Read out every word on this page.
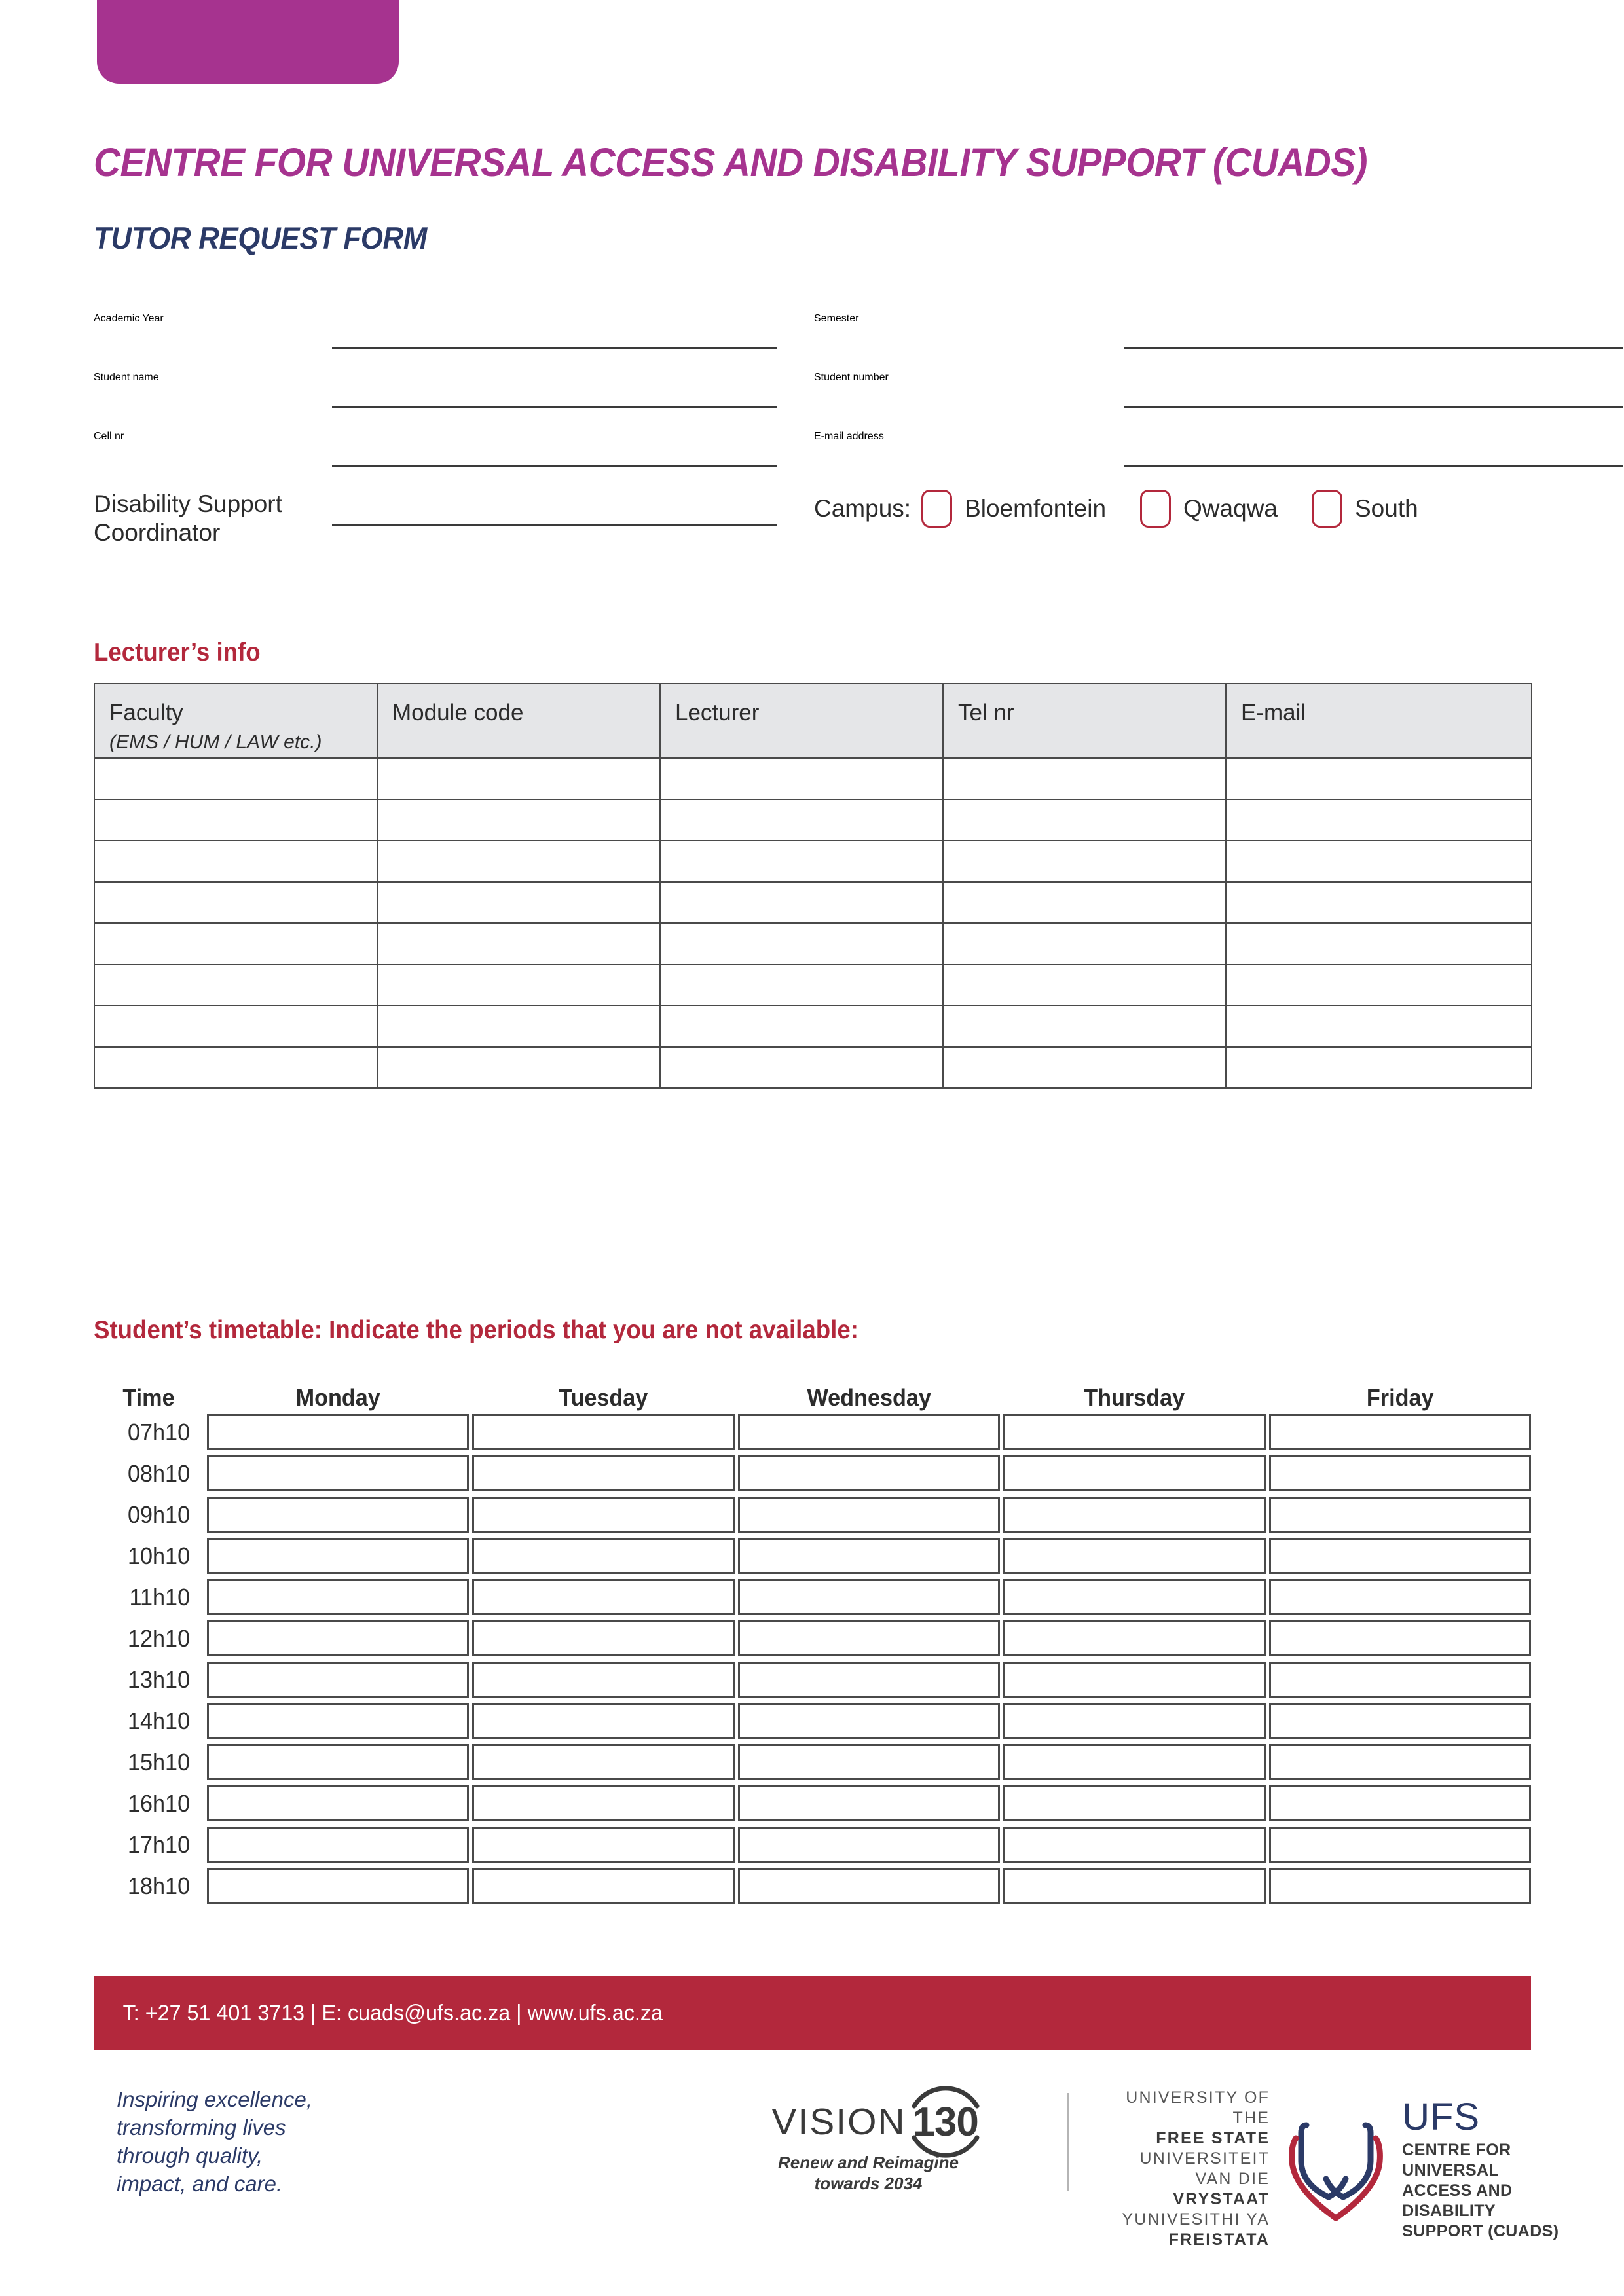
CENTRE FOR UNIVERSAL ACCESS AND DISABILITY SUPPORT (CUADS)
TUTOR REQUEST FORM
Academic Year	Semester
Student name	Student number
Cell nr	E-mail address
Disability Support
Coordinator
Campus: Bloemfontein	Qwaqwa	South
Lecturer’s info
Faculty
(EMS / HUM / LAW etc.)	Module code	Lecturer	Tel nr	E-mail

Student’s timetable: Indicate the periods that you are not available:
Time	Monday	Tuesday	Wednesday	Thursday	Friday
07h10
08h10
09h10
10h10
11h10
12h10
13h10
14h10
15h10
16h10
17h10
18h10
T: +27 51 401 3713 | E: cuads@ufs.ac.za | www.ufs.ac.za
Inspiring excellence,
transforming lives
through quality,
impact, and care.
VISION 130
Renew and Reimagine
towards 2034
UNIVERSITY OF THE
FREE STATE
UNIVERSITEIT VAN DIE
VRYSTAAT
YUNIVESITHI YA
FREISTATA
UFS
CENTRE FOR UNIVERSAL
ACCESS AND DISABILITY
SUPPORT (CUADS)
